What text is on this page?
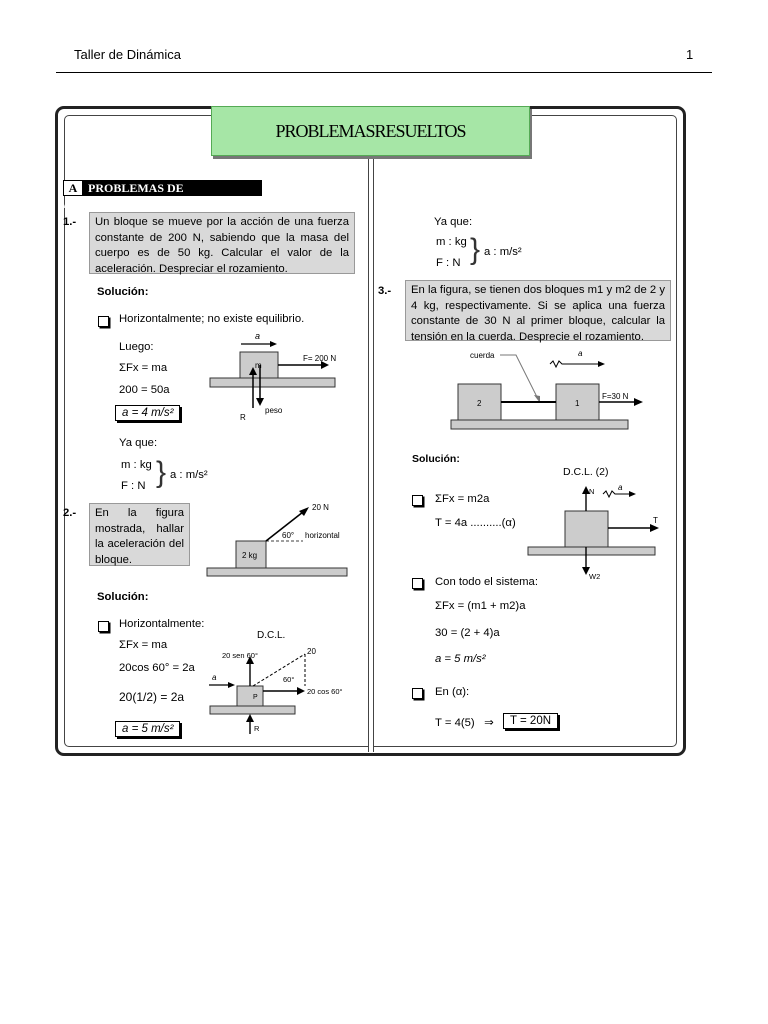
Taller de Dinámica	1
PROBLEMASRESUELTOS
A PROBLEMAS DE APLICACIÓN
1.-	Un bloque se mueve por la acción de una fuerza constante de 200 N, sabiendo que la masa del cuerpo es de 50 kg. Calcular el valor de la aceleración. Despreciar el rozamiento.
Solución:
Horizontalmente; no existe equilibrio.
Luego:
ΣFx = ma
200 = 50a
a = 4 m/s²
Ya que:
m : kg
F : N } a : m/s²
m
a
F= 200 N
R
peso
2.-	En la figura mostrada, hallar la aceleración del bloque.	2 kg
20 N
60° horizontal
Solución:
Horizontalmente:
ΣFx = ma
20cos 60° = 2a
20(1/2) = 2a
a = 5 m/s²
D.C.L.
P
20
20 sen 60°
60°
20 cos 60°
a
R
Ya que:
m : kg
F : N } a : m/s²
3.-	En la figura, se tienen dos bloques m1 y m2 de 2 y 4 kg, respectivamente. Si se aplica una fuerza constante de 30 N al primer bloque, calcular la tensión en la cuerda. Desprecie el rozamiento.
cuerda	a
2	1
F=30 N
Solución:
D.C.L. (2)
ΣFx = m2a
T = 4a ..........(α)
N	a
T
W2
Con todo el sistema:
ΣFx = (m1 + m2)a
30 = (2 + 4)a
a = 5 m/s²
En (α):
T = 4(5)   ⇒	T = 20N
